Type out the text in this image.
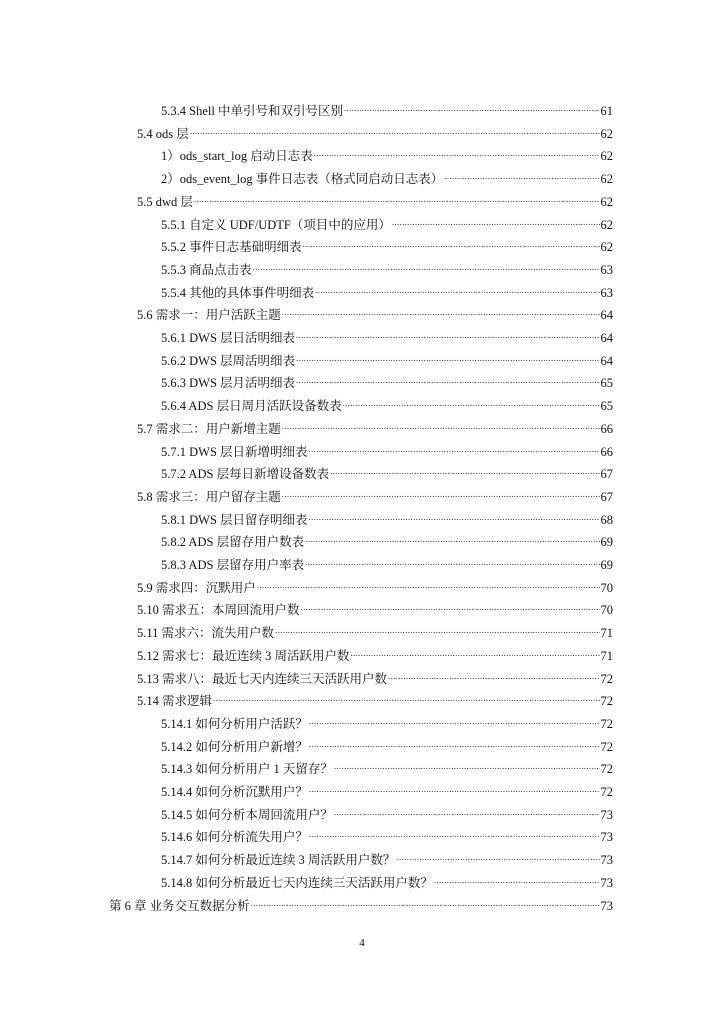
5.3.4 Shell 中单引号和双引号区别 .....	61
5.4 ods 层 .....	62
1）ods_start_log 启动日志表 .....	62
2）ods_event_log 事件日志表（格式同启动日志表） .....	62
5.5 dwd 层 .....	62
5.5.1 自定义 UDF/UDTF（项目中的应用） .....	62
5.5.2 事件日志基础明细表 .....	62
5.5.3 商品点击表 .....	63
5.5.4 其他的具体事件明细表 .....	63
5.6 需求一：用户活跃主题 .....	64
5.6.1 DWS 层日活明细表 .....	64
5.6.2 DWS 层周活明细表 .....	64
5.6.3 DWS 层月活明细表 .....	65
5.6.4 ADS 层日周月活跃设备数表 .....	65
5.7 需求二：用户新增主题 .....	66
5.7.1 DWS 层日新增明细表 .....	66
5.7.2 ADS 层每日新增设备数表 .....	67
5.8 需求三：用户留存主题 .....	67
5.8.1 DWS 层日留存明细表 .....	68
5.8.2 ADS 层留存用户数表 .....	69
5.8.3 ADS 层留存用户率表 .....	69
5.9 需求四：沉默用户 .....	70
5.10 需求五：本周回流用户数 .....	70
5.11 需求六：流失用户数 .....	71
5.12 需求七：最近连续 3 周活跃用户数 .....	71
5.13 需求八：最近七天内连续三天活跃用户数 .....	72
5.14 需求逻辑 .....	72
5.14.1 如何分析用户活跃？ .....	72
5.14.2 如何分析用户新增？ .....	72
5.14.3 如何分析用户 1 天留存？ .....	72
5.14.4 如何分析沉默用户？ .....	72
5.14.5 如何分析本周回流用户？ .....	73
5.14.6 如何分析流失用户？ .....	73
5.14.7 如何分析最近连续 3 周活跃用户数？ .....	73
5.14.8 如何分析最近七天内连续三天活跃用户数？ .....	73
第 6 章 业务交互数据分析 .....	73
4
